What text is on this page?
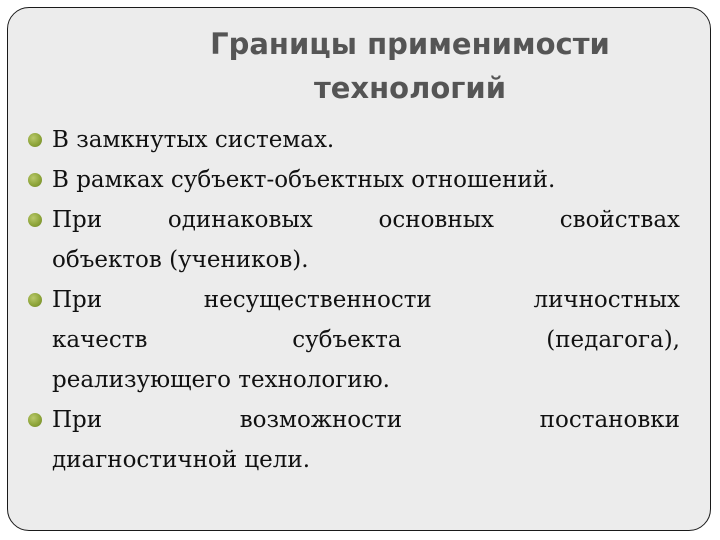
Границы применимости
технологий
В замкнутых системах.
В рамках субъект-объектных отношений.
При одинаковых основных свойствах
объектов (учеников).
При несущественности личностных
качеств субъекта (педагога),
реализующего технологию.
При возможности постановки
диагностичной цели.
